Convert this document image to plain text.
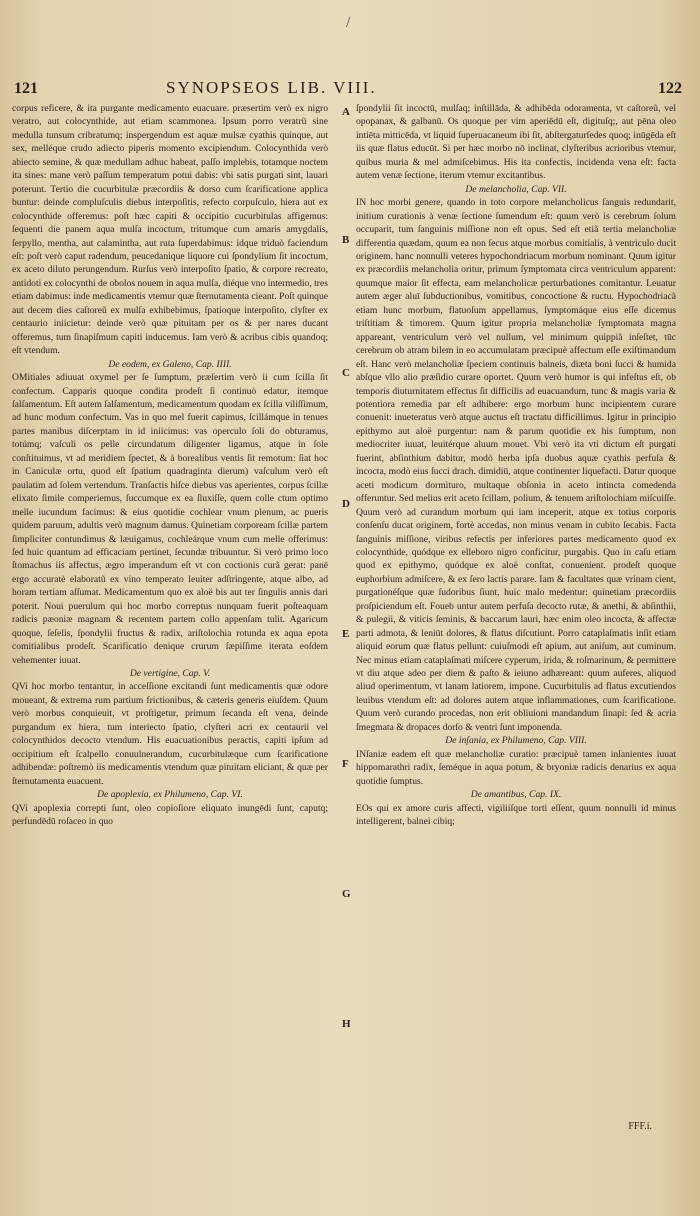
/
121	SYNOPSEOS LIB. VIII.	122

corpus reficere, & ita purgante medicamento euacuare. præsertim verò ex nigro veratro, aut colocynthide, aut etiam scammonea. Ipsum porro veratrũ sine medulla tunsum cribratumq; inspergendum est aquæ mulsæ cyathis quinque, aut sex, melléque crudo adiecto piperis momento excipiendum. Colocynthida verò abiecto semine, & quæ medullam adhuc habeat, paſſo implebis, totamque noctem ita sines: mane verò paſſum temperatum potui dabis: vbi satis purgati sint, lauari poterunt. Tertio die cucurbitulæ præcordiis & dorso cum ſcarificatione applica buntur: deinde compluſculis diebus interpoſitis, refecto corpuſculo, hiera aut ex colocynthide offeremus: poſt hæc capiti & occipitio cucurbitulas affigemus: ſequenti die panem aqua mulſa incoctum, tritumque cum amaris amygdalis, ſerpyllo, mentha, aut calamintha, aut ruta ſuperdabimus: idque triduò faciendum eſt: poſt verò caput radendum, peucedanique liquore cui ſpondylium ſit incoctum, ex aceto diluto perungendum. Rurſus verò interpoſito ſpatio, & corpore recreato, antidoti ex colocynthi de obolos nouem in aqua mulſa, diéque vno intermedio, tres etiam dabimus: inde medicamentis vtemur quæ ſternutamenta cieant. Poſt quinque aut decem dies caſtoreũ ex mulſa exhibebimus, ſpatioque interpoſito, clyſter ex centaurio iniicietur: deinde verò quæ pituitam per os & per nares ducant offeremus, tum ſinapiſmum capiti inducemus. Iam verò & acribus cibis quandoq; eſt vtendum.

De eodem, ex Galeno, Cap. IIII.

OMitiales adiuuat oxymel per ſe ſumptum, præſertim verò ii cum ſcilla ſit confectum. Capparis quoque condita prodeſt ſi continuò edatur, itemque ſalſamentum. Eſt autem ſalſamentum, medicamentum quodam ex ſcilla viliſſimum, ad hunc modum confectum. Vas in quo mel fuerit capimus, ſcillámque in tenues partes manibus diſcerptam in id iniicimus: vas operculo ſoli do obturamus, totúmq; vaſculi os pelle circundatum diligenter ligamus, atque in ſole conſtituimus, vt ad meridiem ſpectet, & à borealibus ventis ſit remotum: ſiat hoc in Caniculæ ortu, quod eſt ſpatium quadraginta dierum) vaſculum verò eſt paulatim ad ſolem vertendum. Tranſactis hiſce diebus vas aperientes, corpus ſcillæ elixato ſimile comperiemus, ſuccumque ex ea ſluxiſſe, quem colle ctum optimo melle iucundum facimus: & eius quotidie cochlear vnum plenum, ac pueris quidem paruum, adultis verò magnum damus. Quinetiam corpoream ſcillæ partem ſimpliciter contundimus & læuigamus, cochleárque vnum cum melle offerimus: ſed huic quantum ad efficaciam pertinet, ſecundæ tribuuntur. Si verò primo loco ſtomachus iis affectus, ægro imperandum eſt vt con coctionis curã gerat: panē ergo accuratè elaboratũ ex vino temperato leuiter adſtringente, atque albo, ad horam tertiam aſſumat. Medicamentum quo ex aloë bis aut ter ſingulis annis dari poterit. Noui puerulum qui hoc morbo correptus nunquam fuerit poſteaquam radicis pæoniæ magnam & recentem partem collo appenſam tulit. Agaricum quoque, ſeſelis, ſpondylii fructus & radix, ariſtolochia rotunda ex aqua epota comitialibus prodeſt. Scarificatio denique crurum ſæpiſſime iterata eoſdem vehementer iuuat.

De vertigine, Cap. V.

QVi hoc morbo tentantur, in acceſſione excitandi ſunt medicamentis quæ odore moueant, & extrema rum partium frictionibus, & cæteris generis eiuſdem. Quum verò morbus conquieuit, vt proſtigetur, primum ſecanda eſt vena, deinde purgandum ex hiera, tum interiecto ſpatio, clyſteri acri ex centaurii vel colocynthidos decocto vtendum. His euacuationibus peractis, capiti ipſum ad occipitium eſt ſcalpello conuulnerandum, cucurbitulæque cum ſcarificatione adhibendæ: poſtremò iis medicamentis vtendum quæ pituitam eliciant, & quæ per ſternutamenta euacuent.

De apoplexia, ex Philumeno, Cap. VI.

QVi apoplexia correpti ſunt, oleo copioſiore eliquato inungēdi ſunt, caputq; perfundēdū roſaceo in quo

A
B
C
D
E
F
G
H

ſpondylii ſit incoctū, mulſaq; inſtillāda, & adhibēda odoramenta, vt caſtoreũ, vel opopanax, & galbanū. Os quoque per vim aperiēdū eſt, digituſq;, aut pēna oleo intiēta mitticēda, vt liquid ſuperuacaneum ibi ſit, abſtergaturſedes quoq; inūgēda eſt iis quæ flatus educūt. Si per hæc morbo nō inclinat, clyſteribus acrioribus vtemur, quibus muria & mel admiſcebimus. His ita confectis, incidenda vena eſt: facta autem venæ ſectione, iterum vtemur excitantibus.

De melancholia, Cap. VII.

IN hoc morbi genere, quando in toto corpore melancholicus ſanguis redundarit, initium curationis à venæ ſectione ſumendum eſt: quum verò is cerebrum ſolum occuparit, tum ſanguinis miſſione non eſt opus. Sed eſt etiã tertia melancholiæ differentia quædam, quum ea non ſecus atque morbus comitialis, à ventriculo ducit originem. hanc nonnulli veteres hypochondriacum morbum nominant. Quum igitur ex præcordiis melancholia oritur, primum ſymptomata circa ventriculum apparent: quumque maior ſit effecta, eam melancholicæ perturbationes comitantur. Leuatur autem æger aluī ſubductionibus, vomitibus, concoctione & ructu. Hypochodriacã etiam hunc morbum, flatuoſum appellamus, ſymptomáque eius eſſe dicemus triſtitiam & timorem. Quum igitur propria melancholiæ ſymptomata magna appareant, ventriculum verò vel nullum, vel minimum quippiã inſeſtet, tūc cerebrum ob atram bilem in eo accumulatam præcipuè affectum eſſe exiſtimandum eſt. Hanc verò melancholiæ ſpeciem continuis balneis, diæta boni ſucci & humida abſque vllo alio præſidio curare oportet. Quum verò humor is qui infeſtus eſt, ob temporis diuturnitatem effectus ſit difficilis ad euacuandum, tunc & magis varia & potentiora remedia par eſt adhibere: ergo morbum hunc incipientem curare conuenit: inueteratus verò atque auctus eſt tractatu difficillimus. Igitur in principio epithymo aut aloë purgentur: nam & parum quotidie ex his ſumptum, non mediocriter iuuat, leuitérque aluum mouet. Vbi verò ita vti dictum eſt purgati fuerint, abſinthium dabitur, modò herba ipſa duobus aquæ cyathis perfuſa & incocta, modò eius ſucci drach. dimidiū, atque continenter liquefacti. Datur quoque aceti modicum dormituro, multaque obſonia in aceto intincta comedenda offeruntur. Sed melius erit aceto ſcillam, polium, & tenuem ariſtolochiam miſcuiſſe. Quum verò ad curandum morbum qui iam inceperit, atque ex totius corporis conſenſu ducat originem, fortè accedas, non minus venam in cubito ſecabis. Facta ſanguinis miſſione, viribus refectis per inferiores partes medicamento quod ex colocynthide, quódque ex elleboro nigro conficitur, purgabis. Quo in caſu etiam quod ex epithymo, quódque ex aloë conſtat, conuenient. prodeſt quoque euphorbium admiſcere, & ex ſero lactis parare. Iam & facultates quæ vrinam cient, purgationéſque quæ ſudoribus ſiunt, huic malo medentur: quinetiam præcordiis proſpiciendum eſt. Foueb untur autem perfuſa decocto rutæ, & anethi, & abſinthii, & pulegii, & viticis ſeminis, & baccarum lauri, hæc enim oleo incocta, & affectæ parti admota, & leniūt dolores, & flatus diſcutiunt. Porro cataplaſmatis inſit etiam aliquid eorum quæ flatus pellunt: cuiuſmodi eſt apium, aut aniſum, aut cuminum. Nec minus etiam cataplaſmati miſcere cyperum, irida, & roſmarinum, & permittere vt diu atque adeo per diem & paſto & ieiuno adhæreant: quum auferes, aliquod aliud operimentum, vt lanam latiorem, impone. Cucurbitulis ad flatus excutiendos leuibus vtendum eſt: ad dolores autem atque inflammationes, cum ſcarificatione. Quum verò curando procedas, non erit obliuioni mandandum ſinapi: ſed & acria ſmegmata & dropaces dorſo & ventri ſunt imponenda.

De inſania, ex Philumeno, Cap. VIII.

INſaniæ eadem eſt quæ melancholiæ curatio: præcipuè tamen inſanientes iuuat hippomarathri radix, ſeméque in aqua potum, & bryoniæ radicis denarius ex aqua quotidie ſumptus.

De amantibus, Cap. IX.

EOs qui ex amore curis affecti, vigiliíſque torti eſſent, quum nonnulli id minus intelligerent, balnei cibiq;

FFF.i.
